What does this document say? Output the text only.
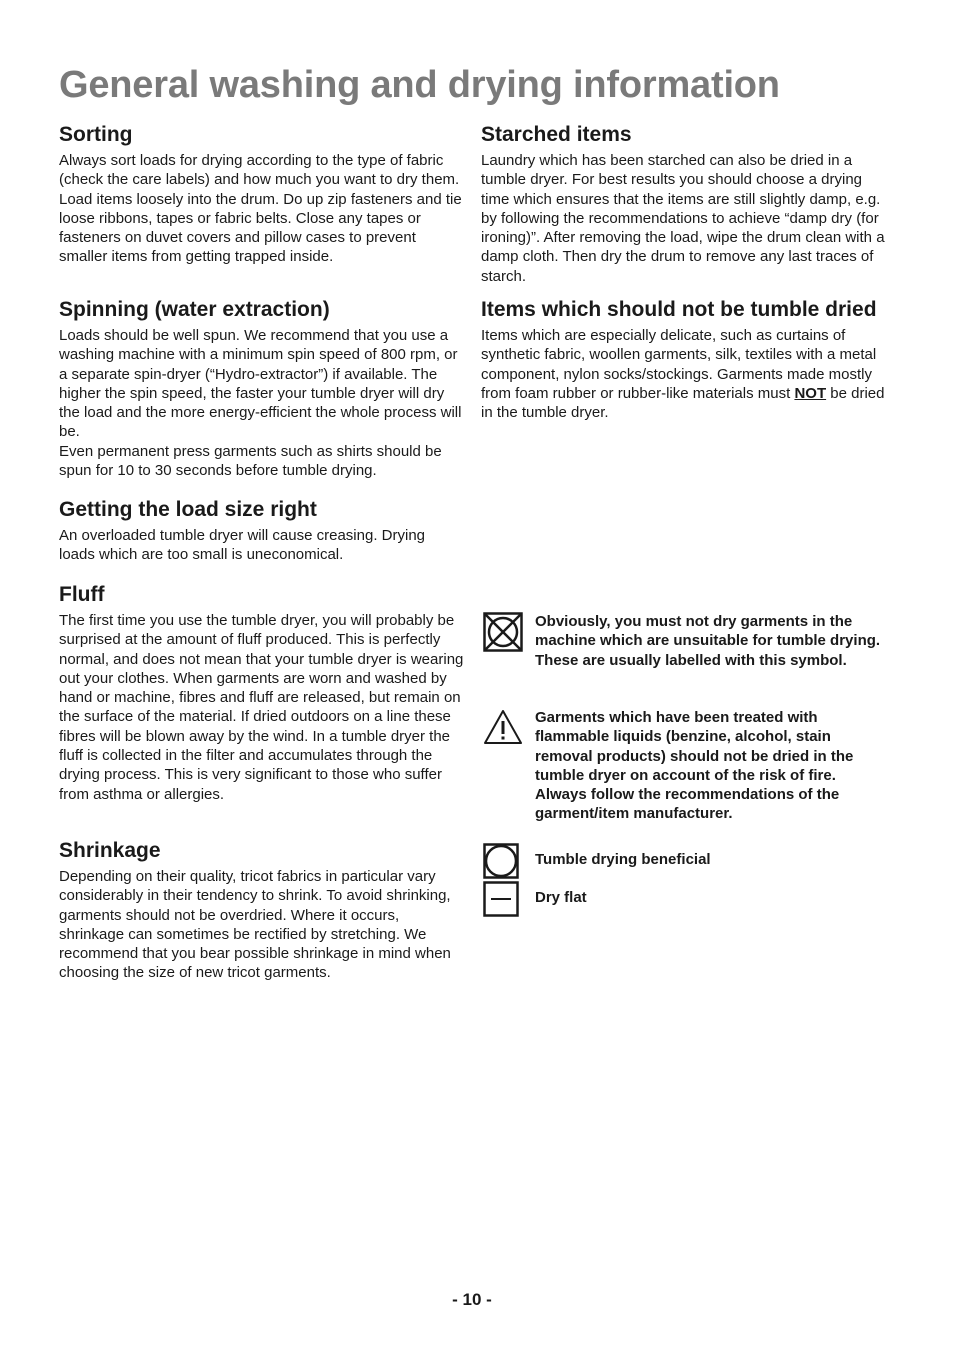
General washing and drying information
Sorting

Always sort loads for drying according to the type of fabric (check the care labels) and how much you want to dry them. Load items loosely into the drum. Do up zip fasteners and tie loose ribbons, tapes or fabric belts. Close any tapes or fasteners on duvet covers and pillow cases to prevent smaller items from getting trapped inside.

Spinning (water extraction)

Loads should be well spun. We recommend that you use a washing machine with a minimum spin speed of 800 rpm, or a separate spin-dryer (“Hydro-extractor”) if available. The higher the spin speed, the faster your tumble dryer will dry the load and the more energy-efficient the whole process will be.

Even permanent press garments such as shirts should be spun for 10 to 30 seconds before tumble drying.

Getting the load size right

An overloaded tumble dryer will cause creasing. Drying loads which are too small is uneconomical.

Fluff

The first time you use the tumble dryer, you will probably be surprised at the amount of fluff produced. This is perfectly normal, and does not mean that your tumble dryer is wearing out your clothes. When garments are worn and washed by hand or machine, fibres and fluff are released, but remain on the surface of the material. If dried outdoors on a line these fibres will be blown away by the wind. In a tumble dryer the fluff is collected in the filter and accumulates through the drying process. This is very significant to those who suffer from asthma or allergies.

Shrinkage

Depending on their quality, tricot fabrics in particular vary considerably in their tendency to shrink. To avoid shrinking, garments should not be overdried. Where it occurs, shrinkage can sometimes be rectified by stretching. We recommend that you bear possible shrinkage in mind when choosing the size of new tricot garments.

Starched items

Laundry which has been starched can also be dried in a tumble dryer. For best results you should choose a drying time which ensures that the items are still slightly damp, e.g. by following the recommendations to achieve “damp dry (for ironing)”. After removing the load, wipe the drum clean with a damp cloth. Then dry the drum to remove any last traces of starch.

Items which should not be tumble dried

Items which are especially delicate, such as curtains of synthetic fabric, woollen garments, silk, textiles with a metal component, nylon socks/stockings. Garments made mostly from foam rubber or rubber-like materials must NOT be dried in the tumble dryer.

Obviously, you must not dry garments in the machine which are unsuitable for tumble drying. These are usually labelled with this symbol.
Garments which have been treated with flammable liquids (benzine, alcohol, stain removal products) should not be dried in the tumble dryer on account of the risk of fire. Always follow the recommendations of the garment/item manufacturer.
Tumble drying beneficial
Dry flat

- 10 -
